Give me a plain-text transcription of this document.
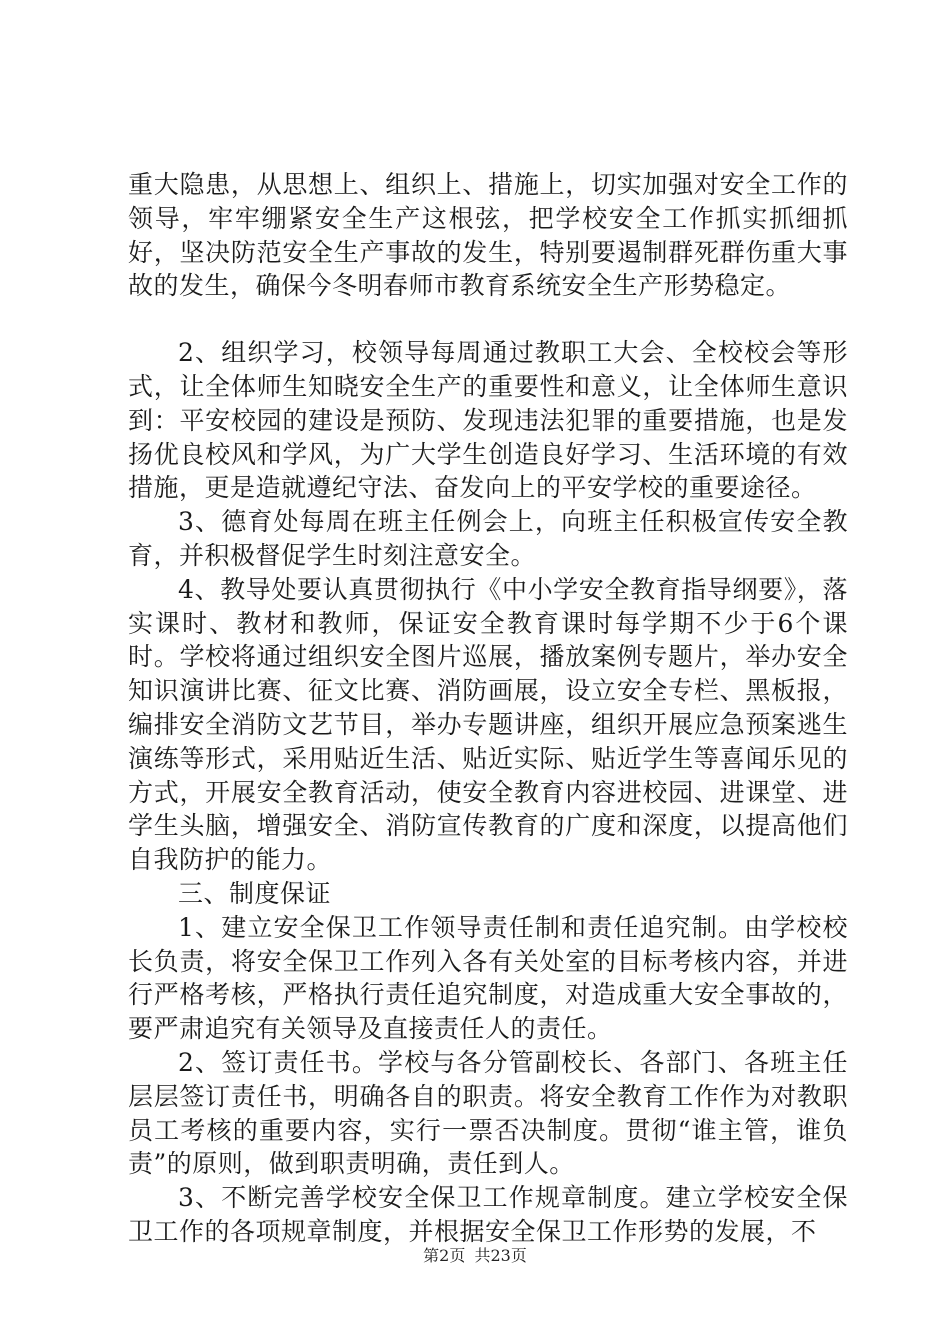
重大隐患，从思想上、组织上、措施上，切实加强对安全工作的领导，牢牢绷紧安全生产这根弦，把学校安全工作抓实抓细抓好，坚决防范安全生产事故的发生，特别要遏制群死群伤重大事故的发生，确保今冬明春师市教育系统安全生产形势稳定。

2、组织学习，校领导每周通过教职工大会、全校校会等形式，让全体师生知晓安全生产的重要性和意义，让全体师生意识到：平安校园的建设是预防、发现违法犯罪的重要措施，也是发扬优良校风和学风，为广大学生创造良好学习、生活环境的有效措施，更是造就遵纪守法、奋发向上的平安学校的重要途径。

3、德育处每周在班主任例会上，向班主任积极宣传安全教育，并积极督促学生时刻注意安全。

4、教导处要认真贯彻执行《中小学安全教育指导纲要》，落实课时、教材和教师，保证安全教育课时每学期不少于6个课时。学校将通过组织安全图片巡展，播放案例专题片，举办安全知识演讲比赛、征文比赛、消防画展，设立安全专栏、黑板报，编排安全消防文艺节目，举办专题讲座，组织开展应急预案逃生演练等形式，采用贴近生活、贴近实际、贴近学生等喜闻乐见的方式，开展安全教育活动，使安全教育内容进校园、进课堂、进学生头脑，增强安全、消防宣传教育的广度和深度，以提高他们自我防护的能力。

三、制度保证

1、建立安全保卫工作领导责任制和责任追究制。由学校校长负责，将安全保卫工作列入各有关处室的目标考核内容，并进行严格考核，严格执行责任追究制度，对造成重大安全事故的，要严肃追究有关领导及直接责任人的责任。

2、签订责任书。学校与各分管副校长、各部门、各班主任层层签订责任书，明确各自的职责。将安全教育工作作为对教职员工考核的重要内容，实行一票否决制度。贯彻“谁主管，谁负责”的原则，做到职责明确，责任到人。

3、不断完善学校安全保卫工作规章制度。建立学校安全保卫工作的各项规章制度，并根据安全保卫工作形势的发展，不

第2页 共23页
